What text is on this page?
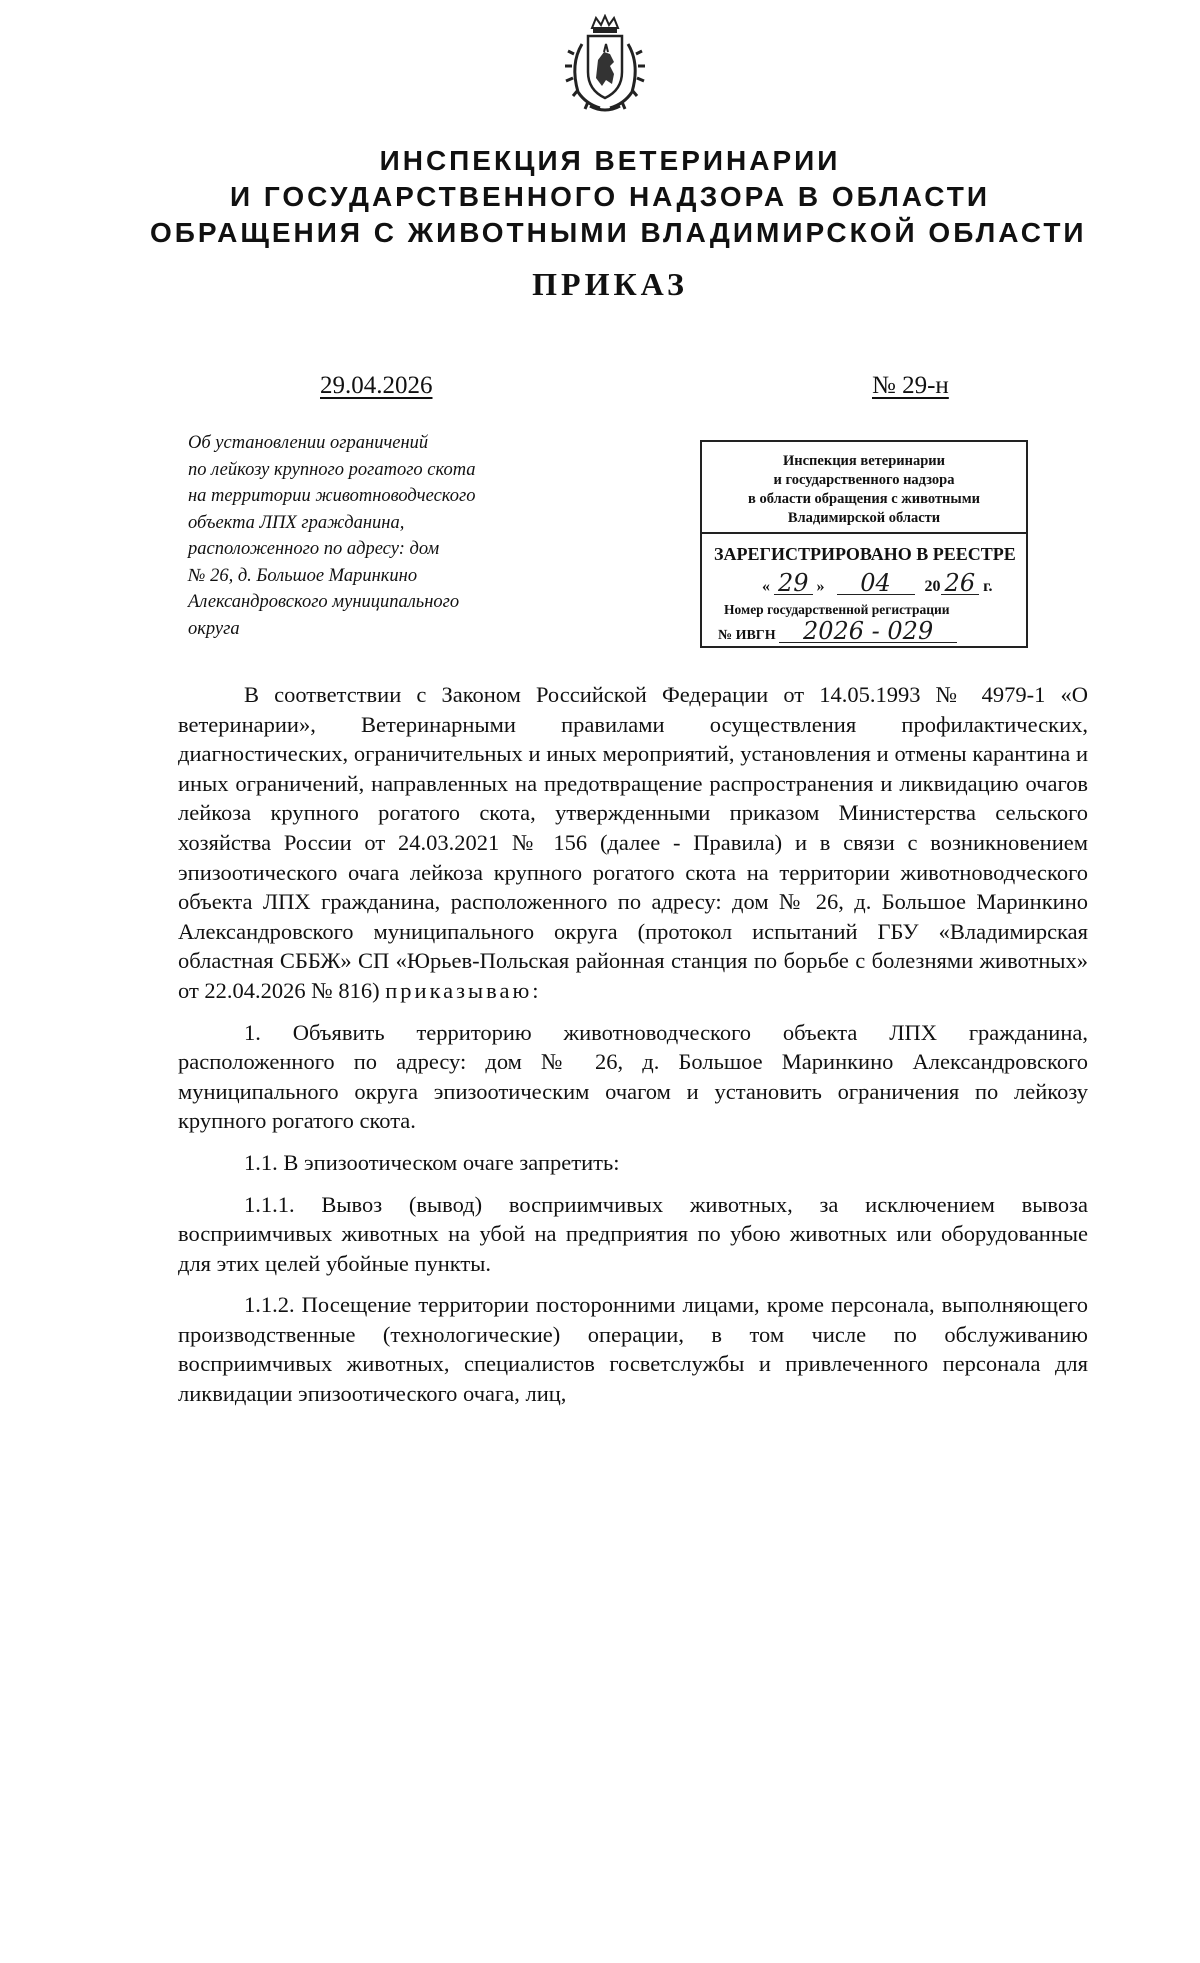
ИНСПЕКЦИЯ ВЕТЕРИНАРИИ
И ГОСУДАРСТВЕННОГО НАДЗОРА В ОБЛАСТИ
ОБРАЩЕНИЯ С ЖИВОТНЫМИ ВЛАДИМИРСКОЙ ОБЛАСТИ
ПРИКАЗ
29.04.2026	№ 29-н
Об установлении ограничений
по лейкозу крупного рогатого скота
на территории животноводческого
объекта ЛПХ гражданина,
расположенного по адресу: дом
№ 26, д. Большое Маринкино
Александровского муниципального
округа
Инспекция ветеринарии
и государственного надзора
в области обращения с животными
Владимирской области
ЗАРЕГИСТРИРОВАНО В РЕЕСТРЕ
« 29 » 04 20 26 г.
Номер государственной регистрации
№ ИВГН 2026 - 029

В соответствии с Законом Российской Федерации от 14.05.1993 № 4979-1 «О ветеринарии», Ветеринарными правилами осуществления профилактических, диагностических, ограничительных и иных мероприятий, установления и отмены карантина и иных ограничений, направленных на предотвращение распространения и ликвидацию очагов лейкоза крупного рогатого скота, утвержденными приказом Министерства сельского хозяйства России от 24.03.2021 № 156 (далее - Правила) и в связи с возникновением эпизоотического очага лейкоза крупного рогатого скота на территории животноводческого объекта ЛПХ гражданина, расположенного по адресу: дом № 26, д. Большое Маринкино Александровского муниципального округа (протокол испытаний ГБУ «Владимирская областная СББЖ» СП «Юрьев-Польская районная станция по борьбе с болезнями животных» от 22.04.2026 № 816) приказываю:

1. Объявить территорию животноводческого объекта ЛПХ гражданина, расположенного по адресу: дом № 26, д. Большое Маринкино Александровского муниципального округа эпизоотическим очагом и установить ограничения по лейкозу крупного рогатого скота.

1.1. В эпизоотическом очаге запретить:

1.1.1. Вывоз (вывод) восприимчивых животных, за исключением вывоза восприимчивых животных на убой на предприятия по убою животных или оборудованные для этих целей убойные пункты.

1.1.2. Посещение территории посторонними лицами, кроме персонала, выполняющего производственные (технологические) операции, в том числе по обслуживанию восприимчивых животных, специалистов госветслужбы и привлеченного персонала для ликвидации эпизоотического очага, лиц,
